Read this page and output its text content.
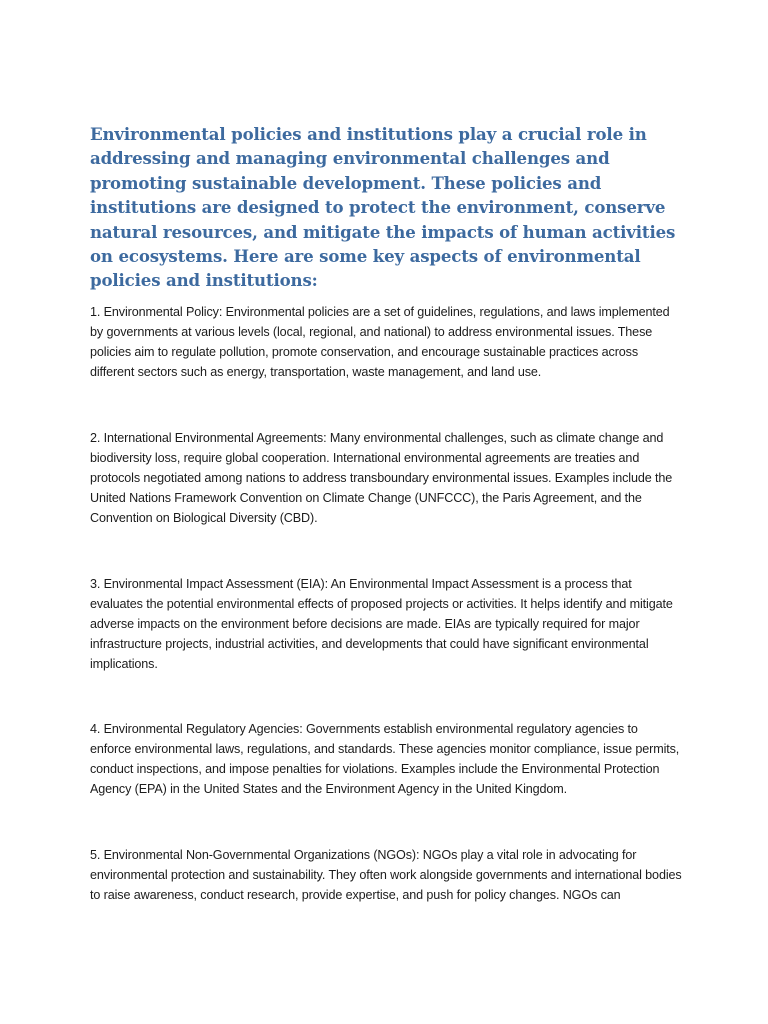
Environmental policies and institutions play a crucial role in addressing and managing environmental challenges and promoting sustainable development. These policies and institutions are designed to protect the environment, conserve natural resources, and mitigate the impacts of human activities on ecosystems. Here are some key aspects of environmental policies and institutions:

1. Environmental Policy: Environmental policies are a set of guidelines, regulations, and laws implemented by governments at various levels (local, regional, and national) to address environmental issues. These policies aim to regulate pollution, promote conservation, and encourage sustainable practices across different sectors such as energy, transportation, waste management, and land use.

2. International Environmental Agreements: Many environmental challenges, such as climate change and biodiversity loss, require global cooperation. International environmental agreements are treaties and protocols negotiated among nations to address transboundary environmental issues. Examples include the United Nations Framework Convention on Climate Change (UNFCCC), the Paris Agreement, and the Convention on Biological Diversity (CBD).

3. Environmental Impact Assessment (EIA): An Environmental Impact Assessment is a process that evaluates the potential environmental effects of proposed projects or activities. It helps identify and mitigate adverse impacts on the environment before decisions are made. EIAs are typically required for major infrastructure projects, industrial activities, and developments that could have significant environmental implications.

4. Environmental Regulatory Agencies: Governments establish environmental regulatory agencies to enforce environmental laws, regulations, and standards. These agencies monitor compliance, issue permits, conduct inspections, and impose penalties for violations. Examples include the Environmental Protection Agency (EPA) in the United States and the Environment Agency in the United Kingdom.

5. Environmental Non-Governmental Organizations (NGOs): NGOs play a vital role in advocating for environmental protection and sustainability. They often work alongside governments and international bodies to raise awareness, conduct research, provide expertise, and push for policy changes. NGOs can
